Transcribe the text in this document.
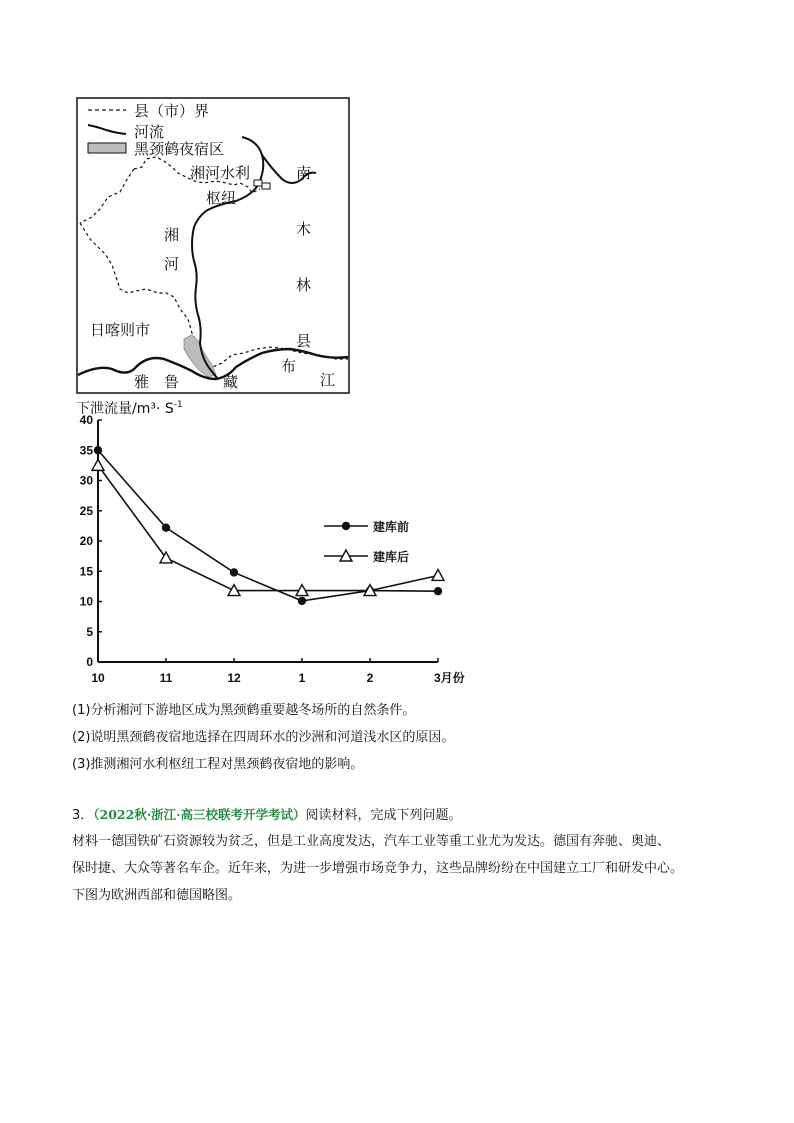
县（市）界
河流
黑颈鹤夜宿区
湘河水利
枢纽
湘
河
日喀则市
南
木
林
县
雅 鲁	藏
布
江
下泄流量$/m^3\cdot S^{-1}$
0
5
10
15
20
25
30
35
40
10	11	12	1	2	3月份
建库前
建库后
(1)分析湘河下游地区成为黑颈鹤重要越冬场所的自然条件。
(2)说明黑颈鹤夜宿地选择在四周环水的沙洲和河道浅水区的原因。
(3)推测湘河水利枢纽工程对黑颈鹤夜宿地的影响。
3．（2022秋·浙江·高三校联考开学考试）阅读材料，完成下列问题。
材料一德国铁矿石资源较为贫乏，但是工业高度发达，汽车工业等重工业尤为发达。德国有奔驰、奥迪、
保时捷、大众等著名车企。近年来，为进一步增强市场竞争力，这些品牌纷纷在中国建立工厂和研发中心。
下图为欧洲西部和德国略图。
